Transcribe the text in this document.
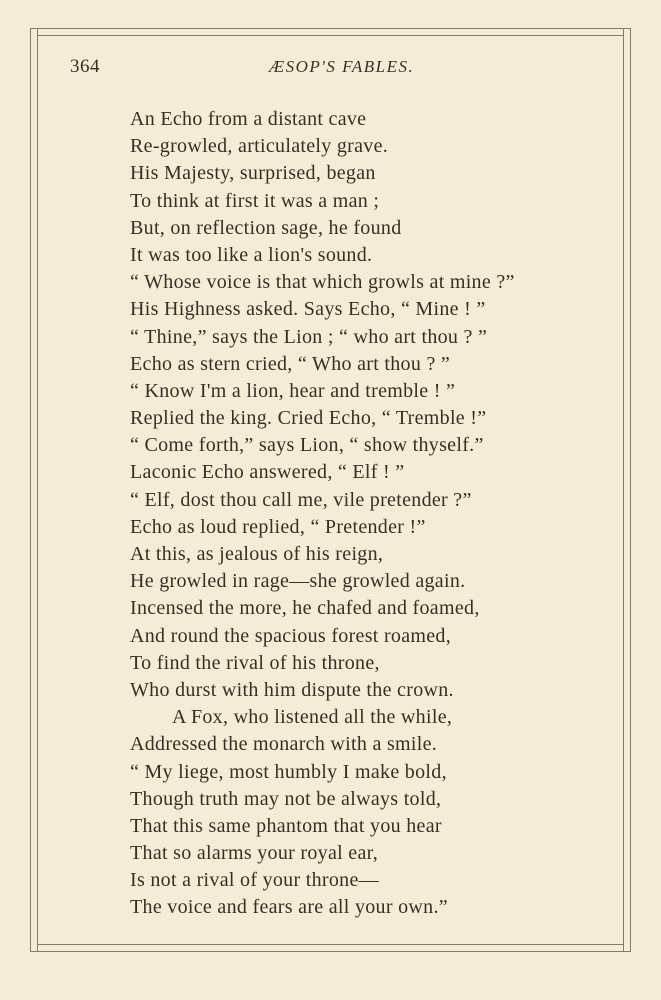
364	ÆSOP'S FABLES.
An Echo from a distant cave
Re-growled, articulately grave.
His Majesty, surprised, began
To think at first it was a man ;
But, on reflection sage, he found
It was too like a lion's sound.
“ Whose voice is that which growls at mine ?”
His Highness asked. Says Echo, “ Mine ! ”
“ Thine,” says the Lion ; “ who art thou ? ”
Echo as stern cried, “ Who art thou ? ”
“ Know I'm a lion, hear and tremble ! ”
Replied the king. Cried Echo, “ Tremble !”
“ Come forth,” says Lion, “ show thyself.”
Laconic Echo answered, “ Elf ! ”
“ Elf, dost thou call me, vile pretender ?”
Echo as loud replied, “ Pretender !”
At this, as jealous of his reign,
He growled in rage—she growled again.
Incensed the more, he chafed and foamed,
And round the spacious forest roamed,
To find the rival of his throne,
Who durst with him dispute the crown.
A Fox, who listened all the while,
Addressed the monarch with a smile.
“ My liege, most humbly I make bold,
Though truth may not be always told,
That this same phantom that you hear
That so alarms your royal ear,
Is not a rival of your throne—
The voice and fears are all your own.”
